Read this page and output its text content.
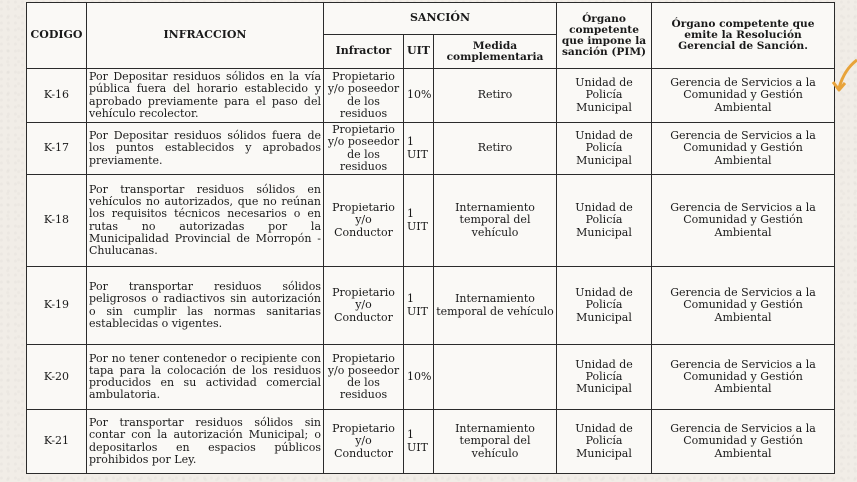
CODIGO	INFRACCION	SANCIÓN			Órgano competente que impone la sanción (PIM)	Órgano competente que emite la Resolución Gerencial de Sanción.
		Infractor	UIT	Medida complementaria		
K-16	Por Depositar residuos sólidos en la vía pública fuera del horario establecido y aprobado previamente para el paso del vehículo recolector.	Propietario y/o poseedor de los residuos	10%	Retiro	Unidad de Policía Municipal	Gerencia de Servicios a la Comunidad y Gestión Ambiental
K-17	Por Depositar residuos sólidos fuera de los puntos establecidos y aprobados previamente.	Propietario y/o poseedor de los residuos	1 UIT	Retiro	Unidad de Policía Municipal	Gerencia de Servicios a la Comunidad y Gestión Ambiental
K-18	Por transportar residuos sólidos en vehículos no autorizados, que no reúnan los requisitos técnicos necesarios o en rutas no autorizadas por la Municipalidad Provincial de Morropón - Chulucanas.	Propietario y/o Conductor	1 UIT	Internamiento temporal del vehículo	Unidad de Policía Municipal	Gerencia de Servicios a la Comunidad y Gestión Ambiental
K-19	Por transportar residuos sólidos peligrosos o radiactivos sin autorización o sin cumplir las normas sanitarias establecidas o vigentes.	Propietario y/o Conductor	1 UIT	Internamiento temporal de vehículo	Unidad de Policía Municipal	Gerencia de Servicios a la Comunidad y Gestión Ambiental
K-20	Por no tener contenedor o recipiente con tapa para la colocación de los residuos producidos en su actividad comercial ambulatoria.	Propietario y/o poseedor de los residuos	10%		Unidad de Policía Municipal	Gerencia de Servicios a la Comunidad y Gestión Ambiental
K-21	Por transportar residuos sólidos sin contar con la autorización Municipal; o depositarlos en espacios públicos prohibidos por Ley.	Propietario y/o Conductor	1 UIT	Internamiento temporal del vehículo	Unidad de Policía Municipal	Gerencia de Servicios a la Comunidad y Gestión Ambiental
